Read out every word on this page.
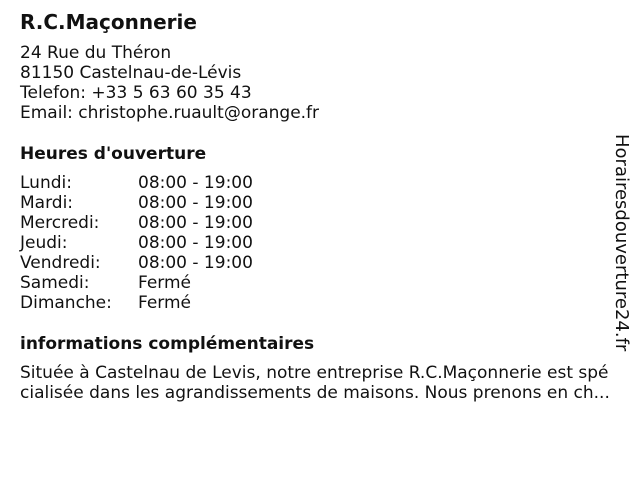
R.C.Maçonnerie
24 Rue du Théron
81150 Castelnau-de-Lévis
Telefon: +33 5 63 60 35 43
Email: christophe.ruault@orange.fr
Heures d'ouverture
Lundi:	08:00 - 19:00
Mardi:	08:00 - 19:00
Mercredi:	08:00 - 19:00
Jeudi:	08:00 - 19:00
Vendredi:	08:00 - 19:00
Samedi:	Fermé
Dimanche:	Fermé
informations complémentaires
Située à Castelnau de Levis, notre entreprise R.C.Maçonnerie est spé
cialisée dans les agrandissements de maisons. Nous prenons en ch...
Horairesdouverture24.fr
